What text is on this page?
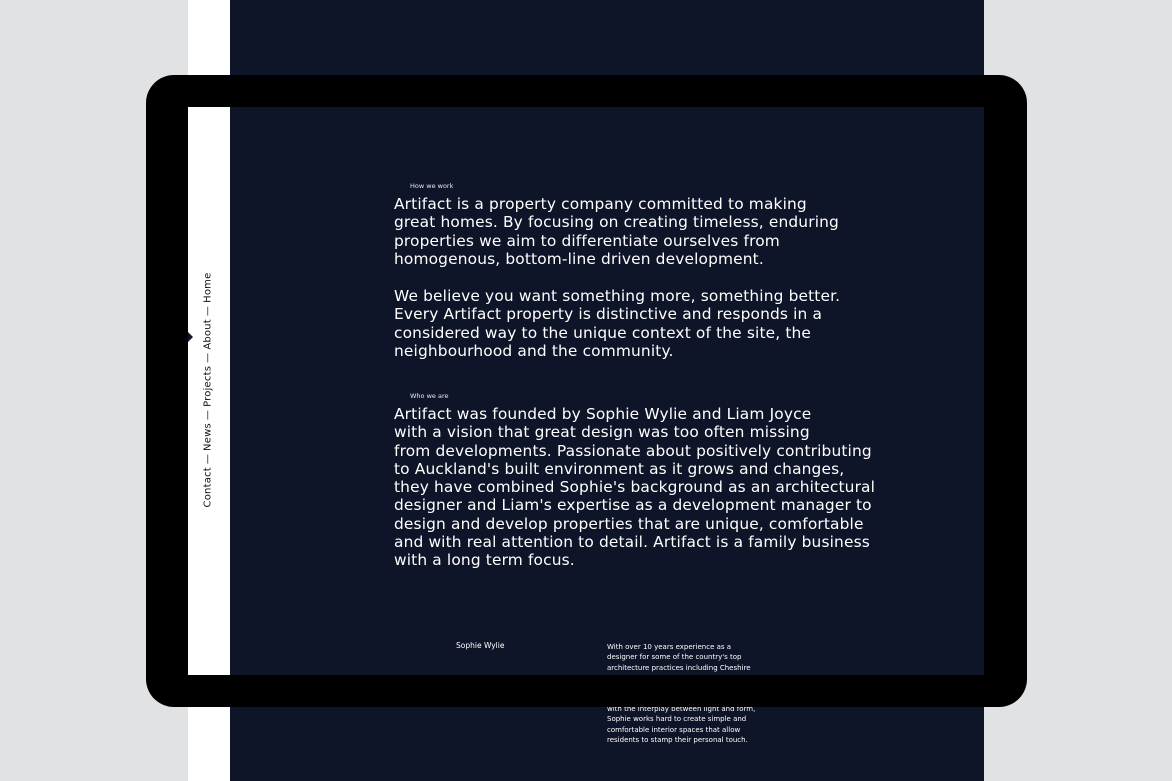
with the interplay between light and form,
Sophie works hard to create simple and
comfortable interior spaces that allow
residents to stamp their personal touch.
Contact—News—Projects—About—Home
How we work
Artifact is a property company committed to making
great homes. By focusing on creating timeless, enduring
properties we aim to differentiate ourselves from
homogenous, bottom-line driven development.
We believe you want something more, something better.
Every Artifact property is distinctive and responds in a
considered way to the unique context of the site, the
neighbourhood and the community.
Who we are
Artifact was founded by Sophie Wylie and Liam Joyce
with a vision that great design was too often missing
from developments. Passionate about positively contributing
to Auckland's built environment as it grows and changes,
they have combined Sophie's background as an architectural
designer and Liam's expertise as a development manager to
design and develop properties that are unique, comfortable
and with real attention to detail. Artifact is a family business
with a long term focus.
Sophie Wylie	With over 10 years experience as a
designer for some of the country's top
architecture practices including Cheshire
